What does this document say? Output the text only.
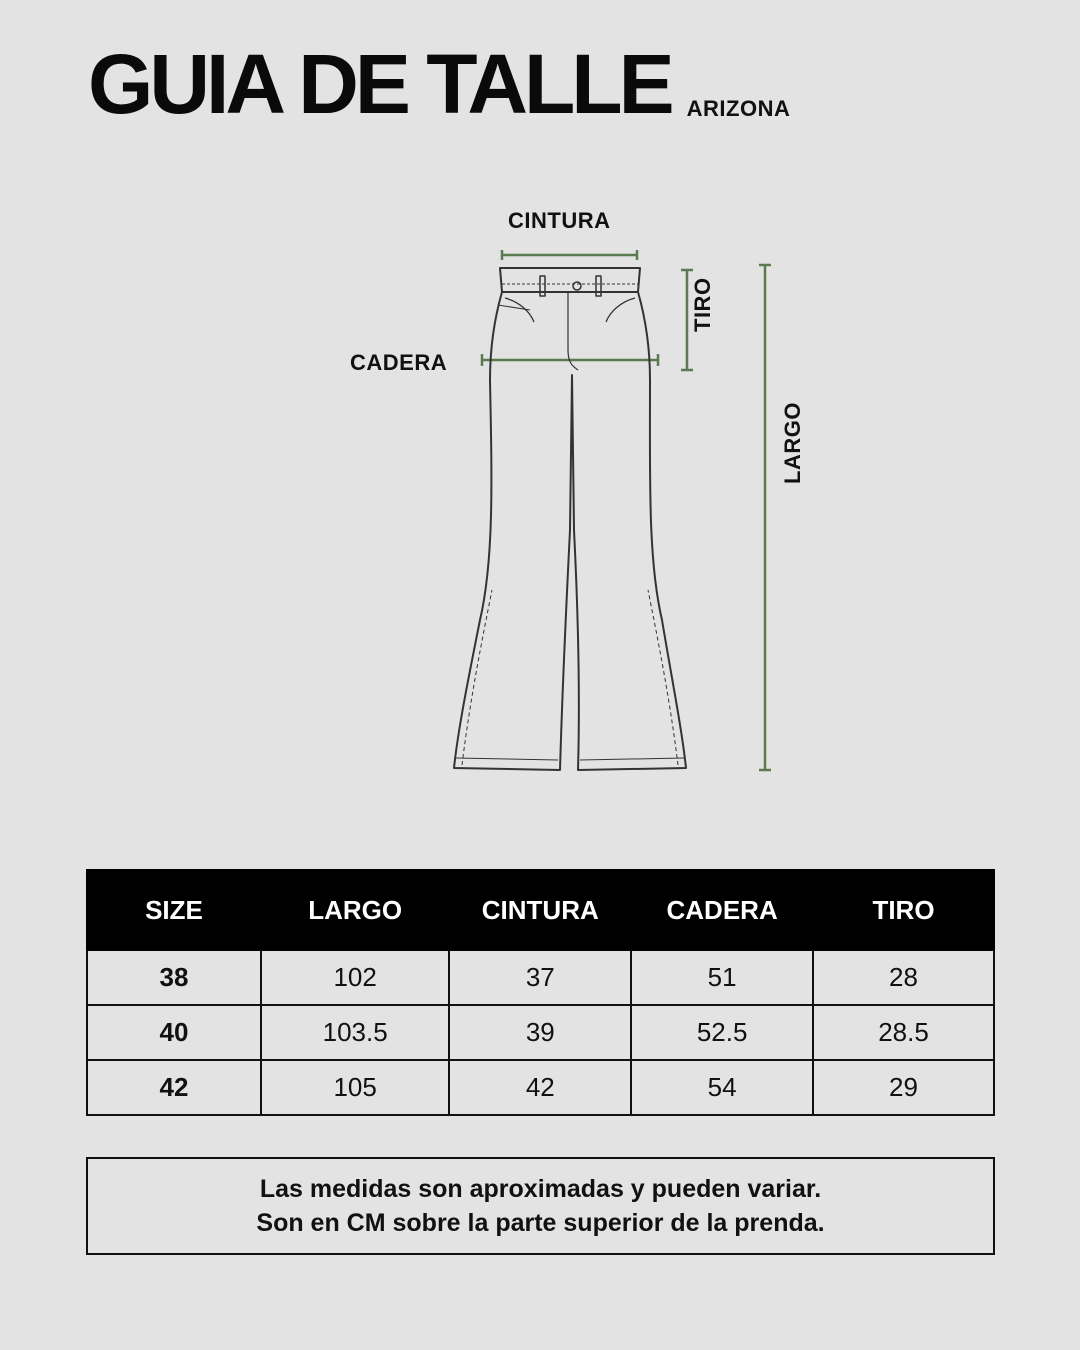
GUIA DE TALLE ARIZONA
CINTURA
CADERA
TIRO
LARGO
SIZE	LARGO	CINTURA	CADERA	TIRO
38	102	37	51	28
40	103.5	39	52.5	28.5
42	105	42	54	29
Las medidas son aproximadas y pueden variar.
Son en CM sobre la parte superior de la prenda.
